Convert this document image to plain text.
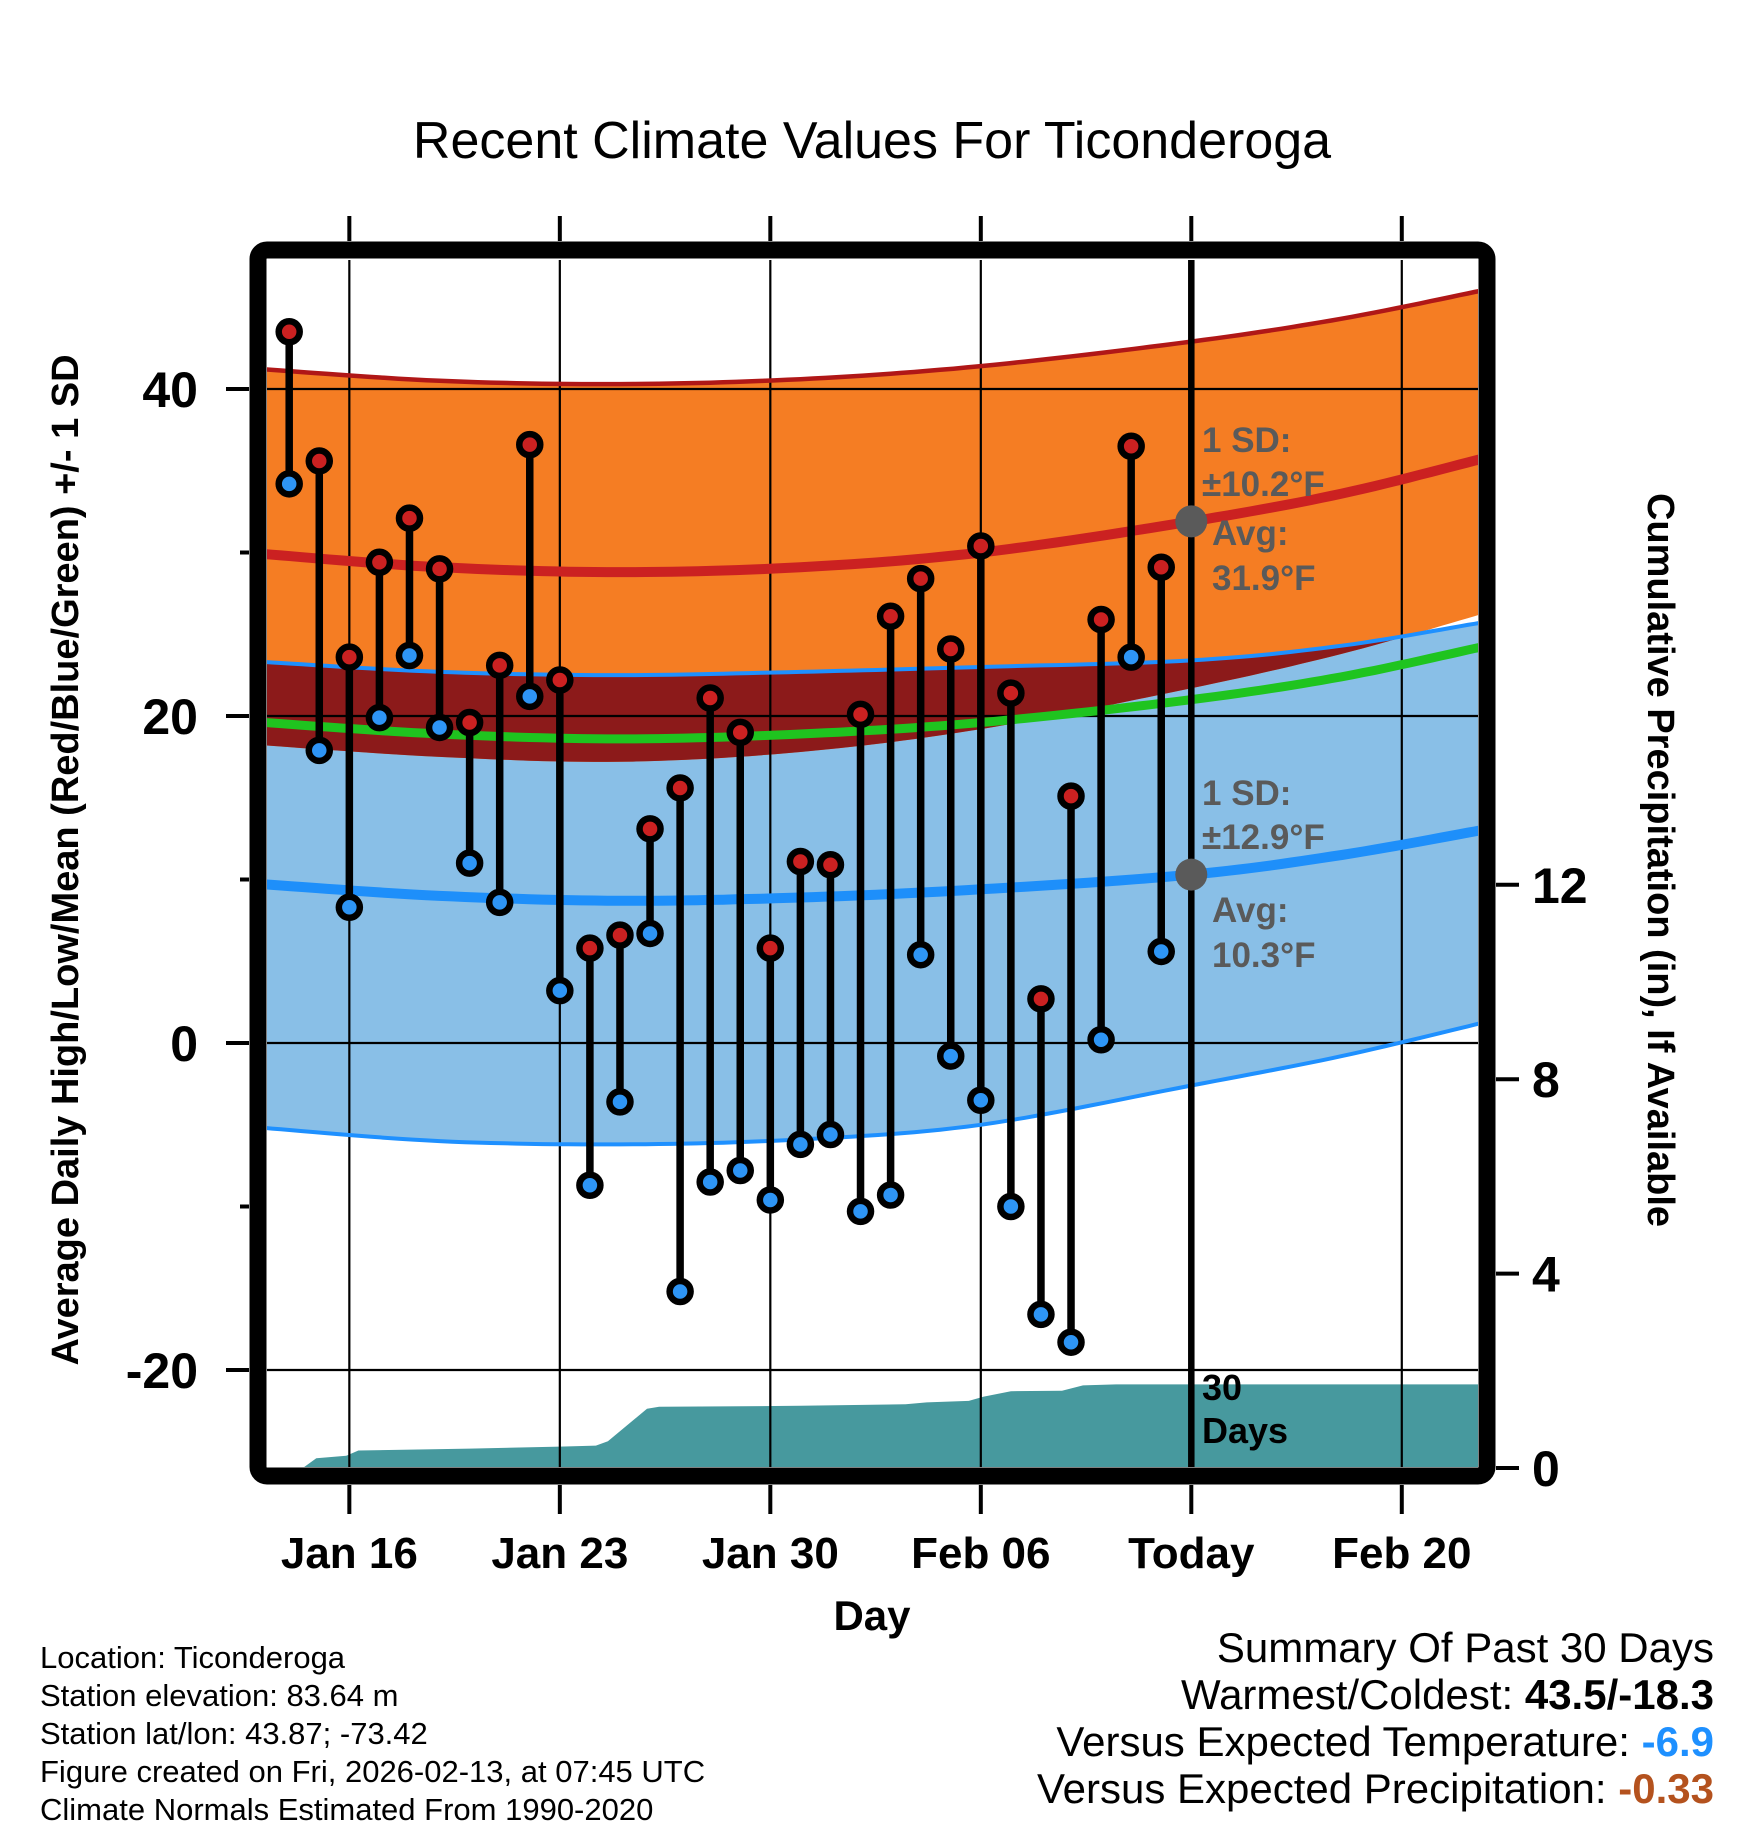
Recent Climate Values For Ticonderoga
Average Daily High/Low/Mean (Red/Blue/Green) +/- 1 SD	Cumulative Precipitation (in), If Available
Day
40
20
0
-20
12
8
4
0
Jan 16 Jan 23 Jan 30 Feb 06 Today Feb 20
1 SD: ±10.2°F
Avg: 31.9°F
1 SD: ±12.9°F
Avg: 10.3°F
30 Days
Location: Ticonderoga
Station elevation: 83.64 m
Station lat/lon: 43.87; -73.42
Figure created on Fri, 2026-02-13, at 07:45 UTC
Climate Normals Estimated From 1990-2020
Summary Of Past 30 Days
Warmest/Coldest: 43.5/-18.3
Versus Expected Temperature: -6.9
Versus Expected Precipitation: -0.33
